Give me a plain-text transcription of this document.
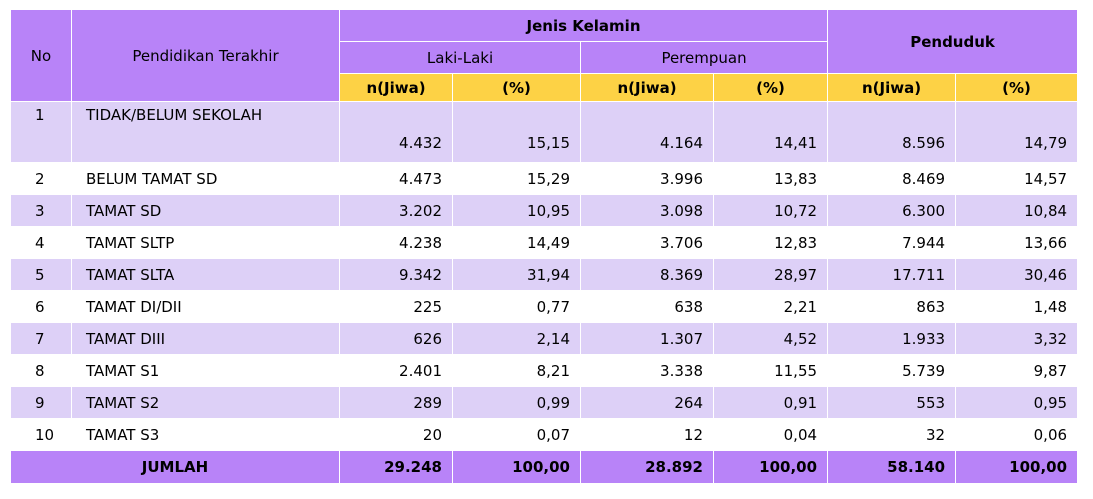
No	Pendidikan Terakhir	Jenis Kelamin				Penduduk	
		Laki-Laki		Perempuan			
		n(Jiwa)	(%)	n(Jiwa)	(%)	n(Jiwa)	(%)
1	TIDAK/BELUM SEKOLAH	4.432	15,15	4.164	14,41	8.596	14,79
2	BELUM TAMAT SD	4.473	15,29	3.996	13,83	8.469	14,57
3	TAMAT SD	3.202	10,95	3.098	10,72	6.300	10,84
4	TAMAT SLTP	4.238	14,49	3.706	12,83	7.944	13,66
5	TAMAT SLTA	9.342	31,94	8.369	28,97	17.711	30,46
6	TAMAT DI/DII	225	0,77	638	2,21	863	1,48
7	TAMAT DIII	626	2,14	1.307	4,52	1.933	3,32
8	TAMAT S1	2.401	8,21	3.338	11,55	5.739	9,87
9	TAMAT S2	289	0,99	264	0,91	553	0,95
10	TAMAT S3	20	0,07	12	0,04	32	0,06
JUMLAH		29.248	100,00	28.892	100,00	58.140	100,00
